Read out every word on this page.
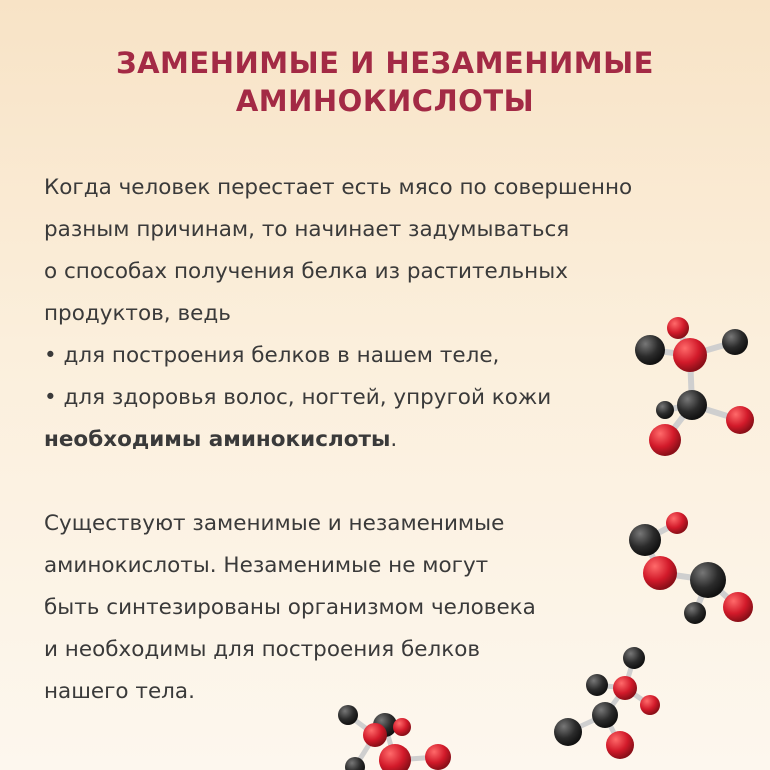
ЗАМЕНИМЫЕ И НЕЗАМЕНИМЫЕ
АМИНОКИСЛОТЫ
Когда человек перестает есть мясо по совершенно
разным причинам, то начинает задумываться
о способах получения белка из растительных
продуктов, ведь
• для построения белков в нашем теле,
• для здоровья волос, ногтей, упругой кожи
необходимы аминокислоты.
Существуют заменимые и незаменимые
аминокислоты. Незаменимые не могут
быть синтезированы организмом человека
и необходимы для построения белков
нашего тела.
